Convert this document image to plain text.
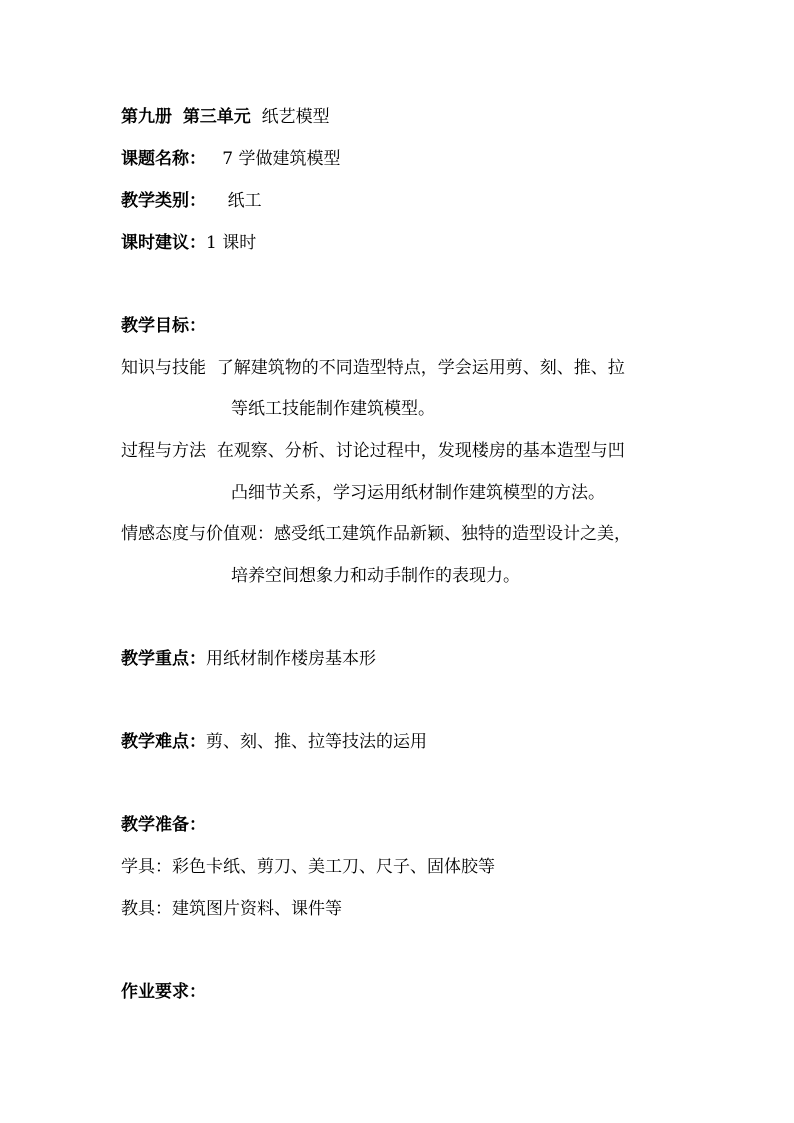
第九册 第三单元 纸艺模型
课题名称： 7 学做建筑模型
教学类别： 纸工
课时建议：1 课时
教学目标：
知识与技能 了解建筑物的不同造型特点，学会运用剪、刻、推、拉
等纸工技能制作建筑模型。
过程与方法 在观察、分析、讨论过程中，发现楼房的基本造型与凹
凸细节关系，学习运用纸材制作建筑模型的方法。
情感态度与价值观：感受纸工建筑作品新颖、独特的造型设计之美，
培养空间想象力和动手制作的表现力。
教学重点：用纸材制作楼房基本形
教学难点：剪、刻、推、拉等技法的运用
教学准备：
学具：彩色卡纸、剪刀、美工刀、尺子、固体胶等
教具：建筑图片资料、课件等
作业要求：
